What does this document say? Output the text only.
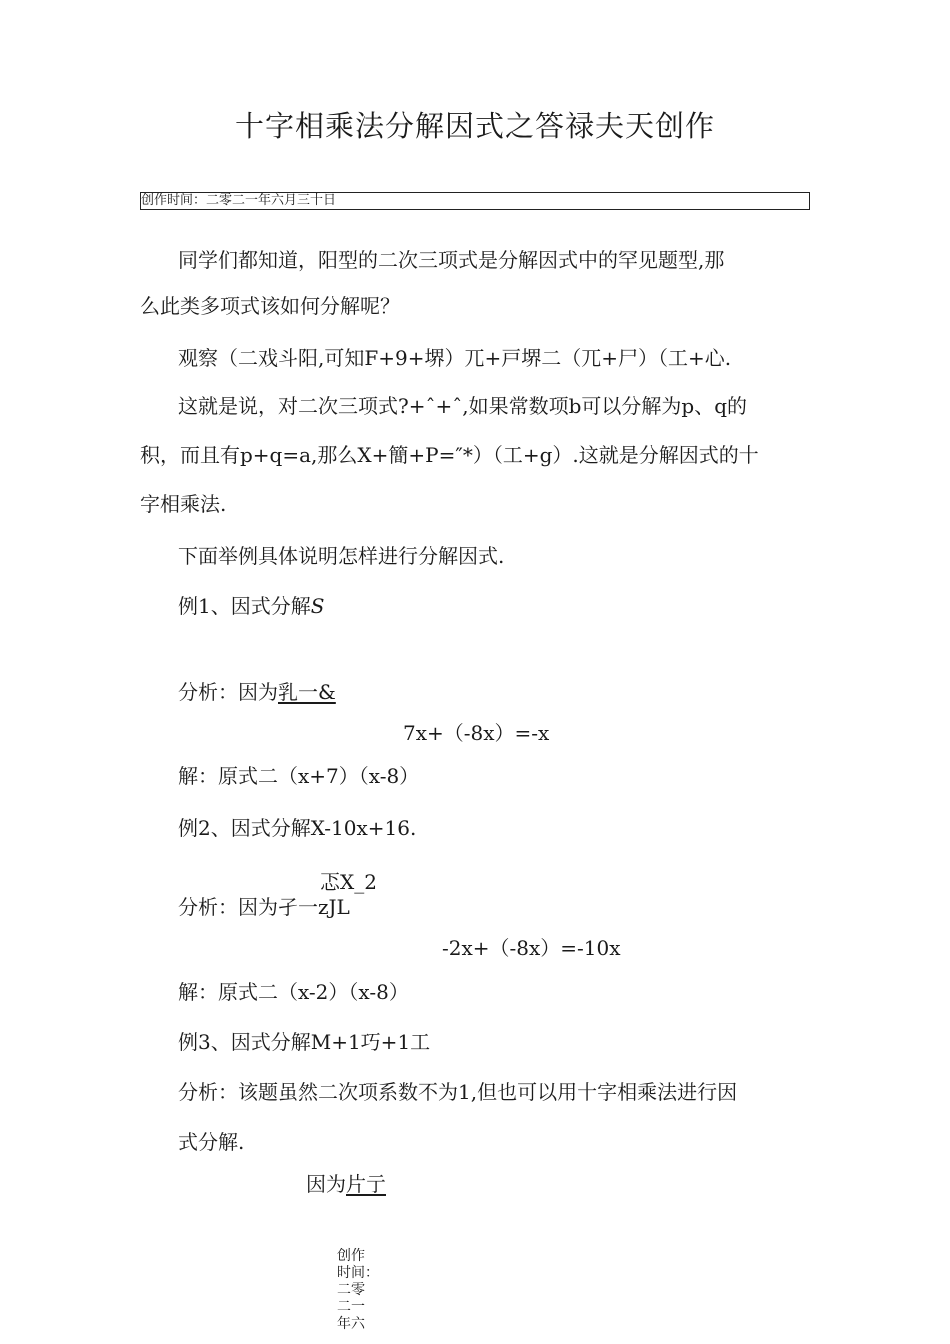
十字相乘法分解因式之答禄夫天创作
创作时间：二零二一年六月三十日
同学们都知道，阳型的二次三项式是分解因式中的罕见题型,那
么此类多项式该如何分解呢？
观察（二戏斗阳,可知F+9+堺）兀+戸堺二（兀+尸）（工+心.
这就是说，对二次三项式?+ˆ+ˆ,如果常数项b可以分解为p、q的
积，而且有p+q=a,那么X+簡+P=″*）（工+g）.这就是分解因式的十
字相乘法.
下面举例具体说明怎样进行分解因式.
例1、因式分解S
分析：因为乳一&
7x+（-8x）=-x
解：原式二（x+7）（x-8）
例2、因式分解X-10x+16.
忑X_2
分析：因为孑一zJL
-2x+（-8x）=-10x
解：原式二（x-2）（x-8）
例3、因式分解M+1巧+1工
分析：该题虽然二次项系数不为1,但也可以用十字相乘法进行因
式分解.
因为片亍
创作
时间：
二零
二一
年六
